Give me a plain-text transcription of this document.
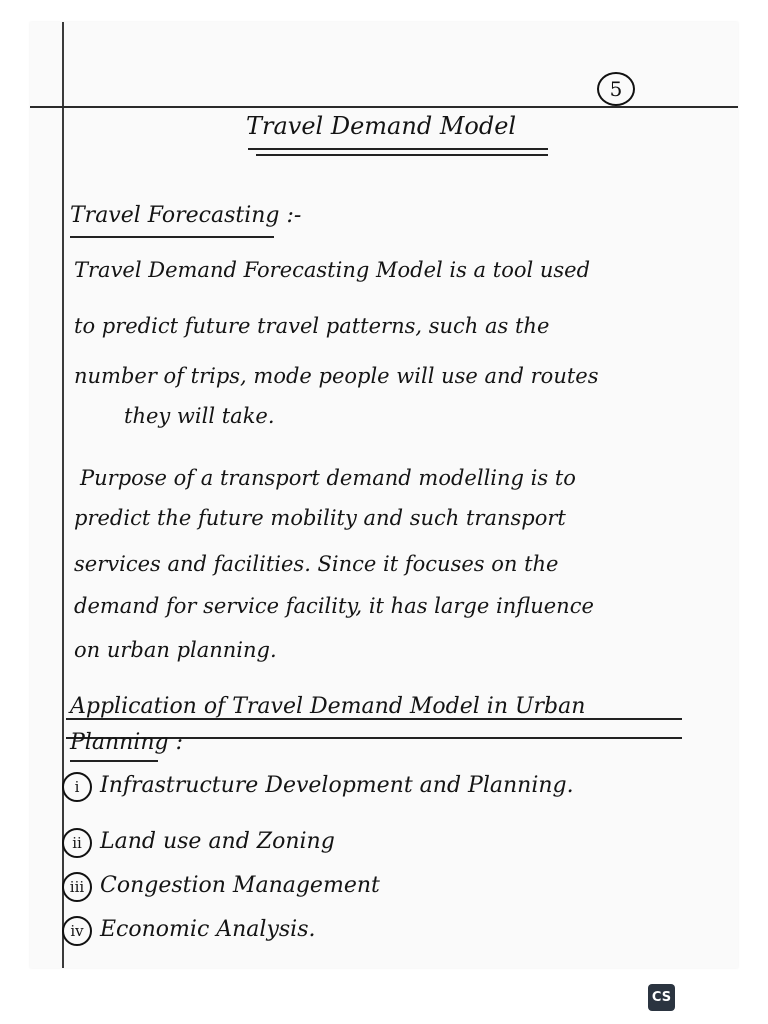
5
Travel Demand Model
Travel Forecasting :-
Travel Demand Forecasting Model is a tool used
to predict future travel patterns, such as the
number of trips, mode people will use and routes
they will take.
Purpose of a transport demand modelling is to
predict the future mobility and such transport
services and facilities. Since it focuses on the
demand for service facility, it has large influence
on urban planning.
Application of Travel Demand Model in Urban
Planning :
i Infrastructure Development and Planning.
ii Land use and Zoning
iii Congestion Management
iv Economic Analysis.
CS
